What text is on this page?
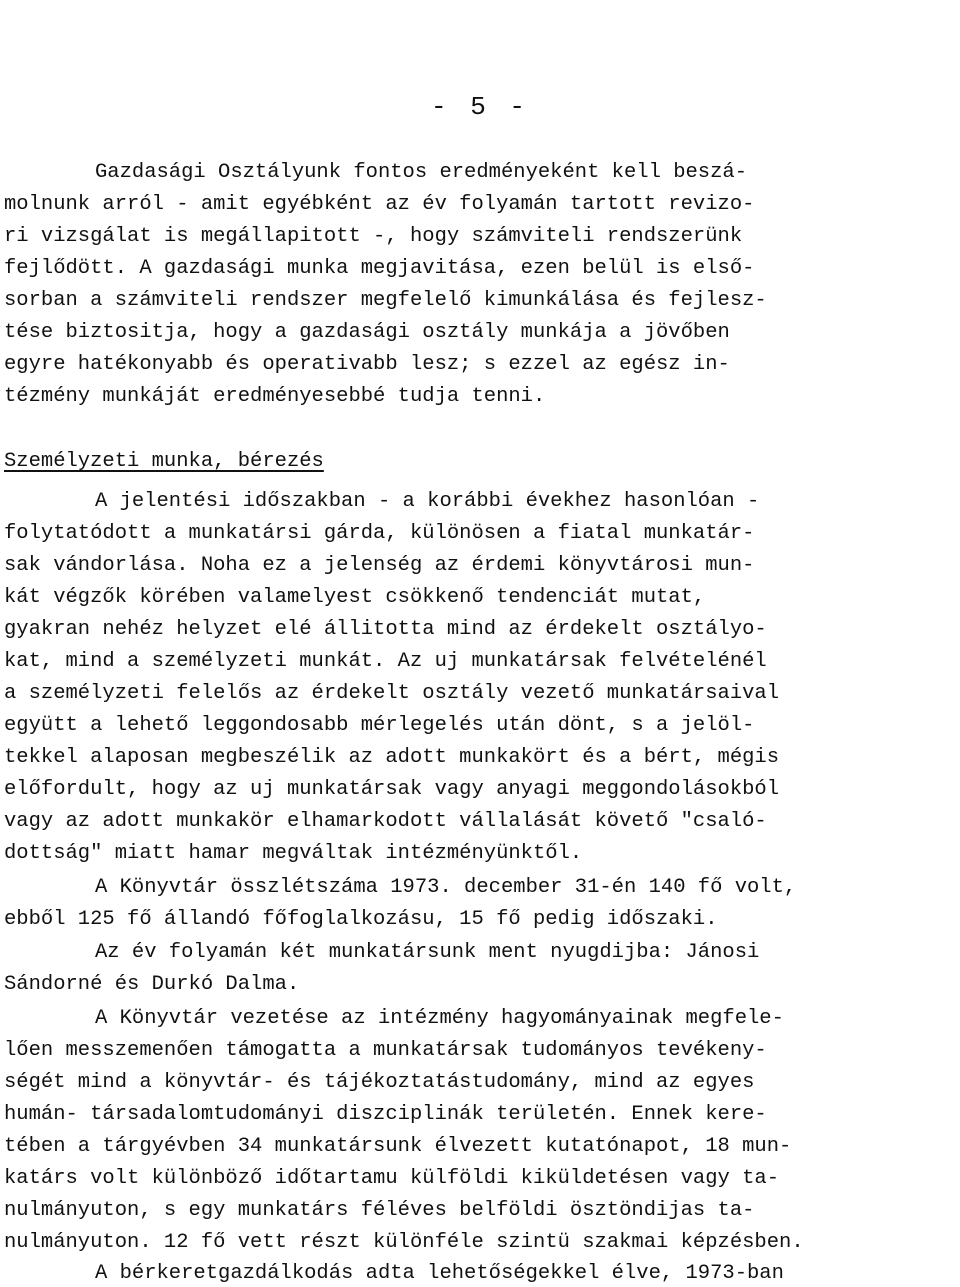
- 5 -

Gazdasági Osztályunk fontos eredményeként kell beszá-

molnunk arról - amit egyébként az év folyamán tartott revizo-

ri vizsgálat is megállapitott -, hogy számviteli rendszerünk

fejlődött. A gazdasági munka megjavitása, ezen belül is első-

sorban a számviteli rendszer megfelelő kimunkálása és fejlesz-

tése biztositja, hogy a gazdasági osztály munkája a jövőben

egyre hatékonyabb és operativabb lesz; s ezzel az egész in-

tézmény munkáját eredményesebbé tudja tenni.

Személyzeti munka, bérezés

A jelentési időszakban - a korábbi évekhez hasonlóan -

folytatódott a munkatársi gárda, különösen a fiatal munkatár-

sak vándorlása. Noha ez a jelenség az érdemi könyvtárosi mun-

kát végzők körében valamelyest csökkenő tendenciát mutat,

gyakran nehéz helyzet elé állitotta mind az érdekelt osztályo-

kat, mind a személyzeti munkát. Az uj munkatársak felvételénél

a személyzeti felelős az érdekelt osztály vezető munkatársaival

együtt a lehető leggondosabb mérlegelés után dönt, s a jelöl-

tekkel alaposan megbeszélik az adott munkakört és a bért, mégis

előfordult, hogy az uj munkatársak vagy anyagi meggondolásokból

vagy az adott munkakör elhamarkodott vállalását követő "csaló-

dottság" miatt hamar megváltak intézményünktől.

A Könyvtár összlétszáma 1973. december 31-én 140 fő volt,

ebből 125 fő állandó főfoglalkozásu, 15 fő pedig időszaki.

Az év folyamán két munkatársunk ment nyugdijba: Jánosi

Sándorné és Durkó Dalma.

A Könyvtár vezetése az intézmény hagyományainak megfele-

lően messzemenően támogatta a munkatársak tudományos tevékeny-

ségét mind a könyvtár- és tájékoztatástudomány, mind az egyes

humán- társadalomtudományi diszciplinák területén. Ennek kere-

tében a tárgyévben 34 munkatársunk élvezett kutatónapot, 18 mun-

katárs volt különböző időtartamu külföldi kiküldetésen vagy ta-

nulmányuton, s egy munkatárs féléves belföldi ösztöndijas ta-

nulmányuton. 12 fő vett részt különféle szintü szakmai képzésben.

A bérkeretgazdálkodás adta lehetőségekkel élve, 1973-ban
